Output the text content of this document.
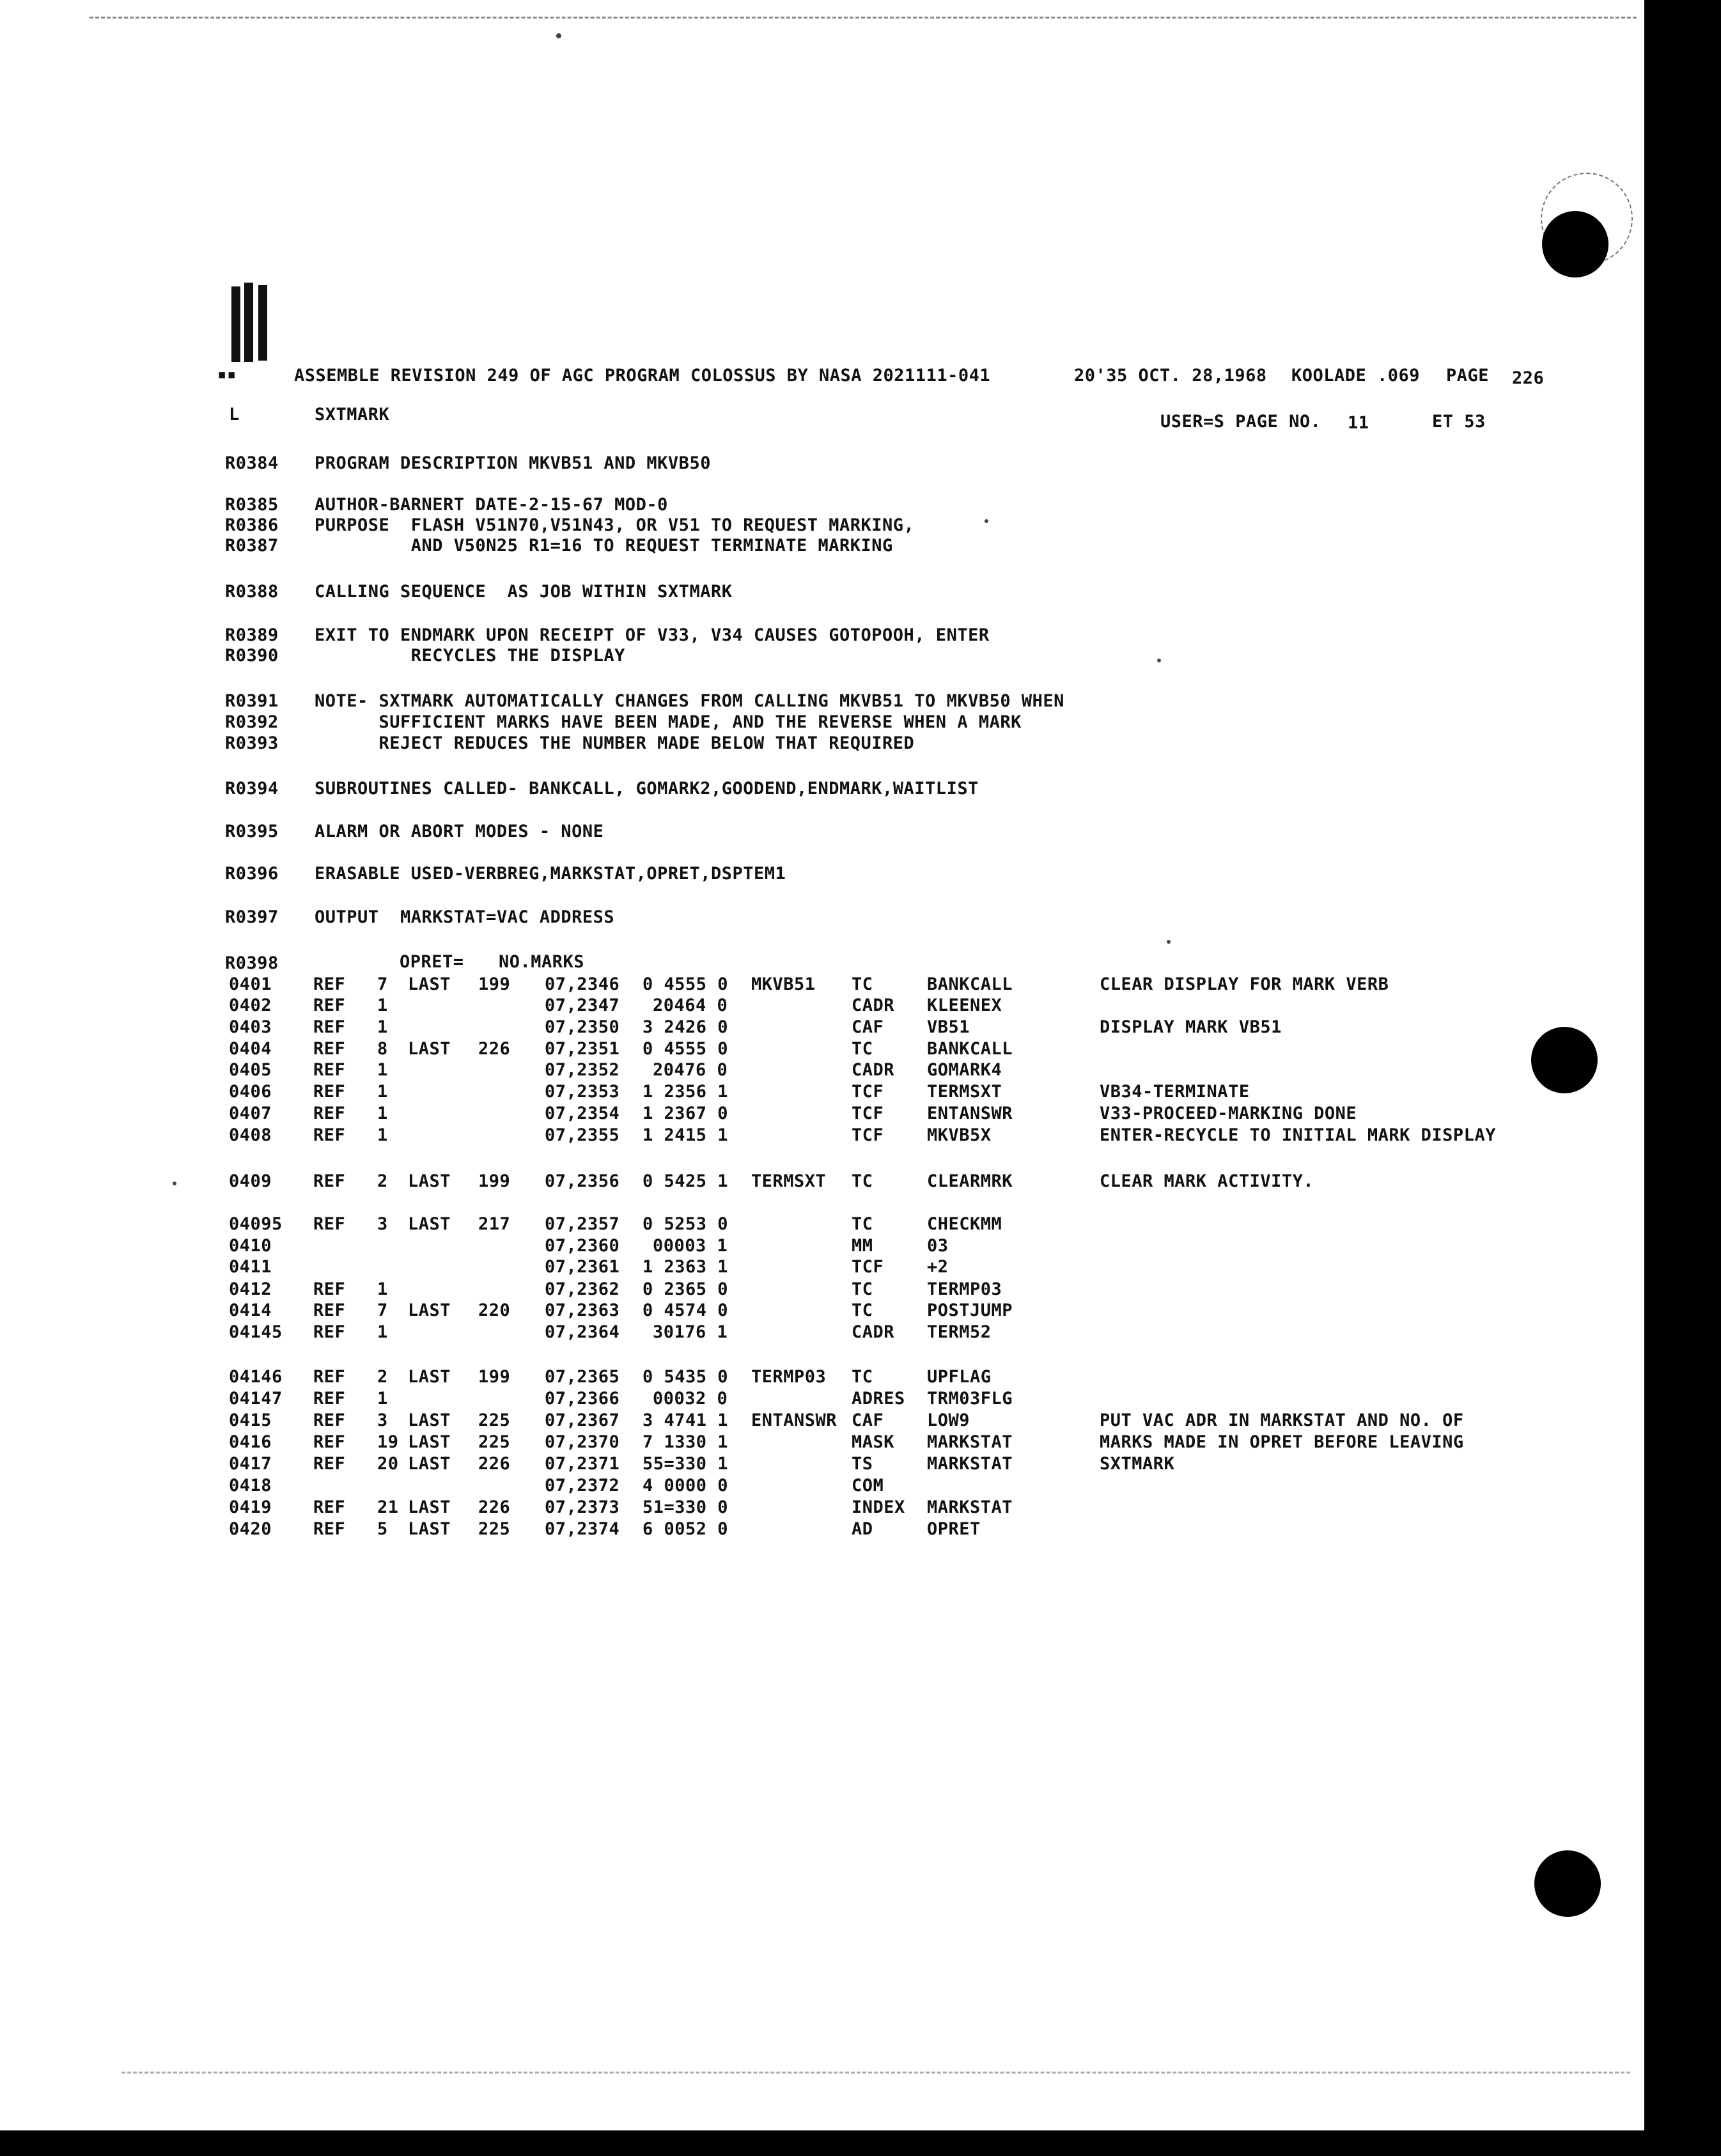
▪▪	ASSEMBLE REVISION 249 OF AGC PROGRAM COLOSSUS BY NASA 2021111-041	20'35 OCT. 28,1968 KOOLADE .069 PAGE 226
L	SXTMARK	USER=S PAGE NO. 11	ET 53
R0384 PROGRAM DESCRIPTION MKVB51 AND MKVB50
R0385 AUTHOR-BARNERT DATE-2-15-67 MOD-0
R0386 PURPOSE  FLASH V51N70,V51N43, OR V51 TO REQUEST MARKING,
R0387 AND V50N25 R1=16 TO REQUEST TERMINATE MARKING
R0388 CALLING SEQUENCE  AS JOB WITHIN SXTMARK
R0389 EXIT TO ENDMARK UPON RECEIPT OF V33, V34 CAUSES GOTOPOOH, ENTER
R0390 RECYCLES THE DISPLAY
R0391 NOTE- SXTMARK AUTOMATICALLY CHANGES FROM CALLING MKVB51 TO MKVB50 WHEN
R0392 SUFFICIENT MARKS HAVE BEEN MADE, AND THE REVERSE WHEN A MARK
R0393 REJECT REDUCES THE NUMBER MADE BELOW THAT REQUIRED
R0394 SUBROUTINES CALLED- BANKCALL, GOMARK2,GOODEND,ENDMARK,WAITLIST
R0395 ALARM OR ABORT MODES - NONE
R0396 ERASABLE USED-VERBREG,MARKSTAT,OPRET,DSPTEM1
R0397 OUTPUT  MARKSTAT=VAC ADDRESS
R0398	OPRET= NO.MARKS
0401 REF 7 LAST 199 07,2346 0 4555 0 MKVB51 TC	BANKCALL	CLEAR DISPLAY FOR MARK VERB
0402 REF 1	07,2347 20464 0	CADR KLEENEX
0403 REF 1	07,2350 3 2426 0	CAF	VB51	DISPLAY MARK VB51
0404 REF 8 LAST 226 07,2351 0 4555 0	TC	BANKCALL
0405 REF 1	07,2352 20476 0	CADR GOMARK4
0406 REF 1	07,2353 1 2356 1	TCF	TERMSXT	VB34-TERMINATE
0407 REF 1	07,2354 1 2367 0	TCF	ENTANSWR	V33-PROCEED-MARKING DONE
0408 REF 1	07,2355 1 2415 1	TCF	MKVB5X	ENTER-RECYCLE TO INITIAL MARK DISPLAY
0409 REF 2 LAST 199 07,2356 0 5425 1 TERMSXT TC	CLEARMRK	CLEAR MARK ACTIVITY.
04095 REF 3 LAST 217 07,2357 0 5253 0	TC	CHECKMM
0410	07,2360 00003 1	MM	03
0411	07,2361 1 2363 1	TCF	+2
0412 REF 1	07,2362 0 2365 0	TC	TERMP03
0414 REF 7 LAST 220 07,2363 0 4574 0	TC	POSTJUMP
04145 REF 1	07,2364 30176 1	CADR TERM52
04146 REF 2 LAST 199 07,2365 0 5435 0 TERMP03 TC	UPFLAG
04147 REF 1	07,2366 00032 0	ADRES TRM03FLG
0415 REF 3 LAST 225 07,2367 3 4741 1 ENTANSWR CAF	LOW9	PUT VAC ADR IN MARKSTAT AND NO. OF
0416 REF 19 LAST 225 07,2370 7 1330 1	MASK MARKSTAT	MARKS MADE IN OPRET BEFORE LEAVING
0417 REF 20 LAST 226 07,2371 55=330 1	TS	MARKSTAT	SXTMARK
0418	07,2372 4 0000 0	COM
0419 REF 21 LAST 226 07,2373 51=330 0	INDEX MARKSTAT
0420 REF 5 LAST 225 07,2374 6 0052 0	AD	OPRET
